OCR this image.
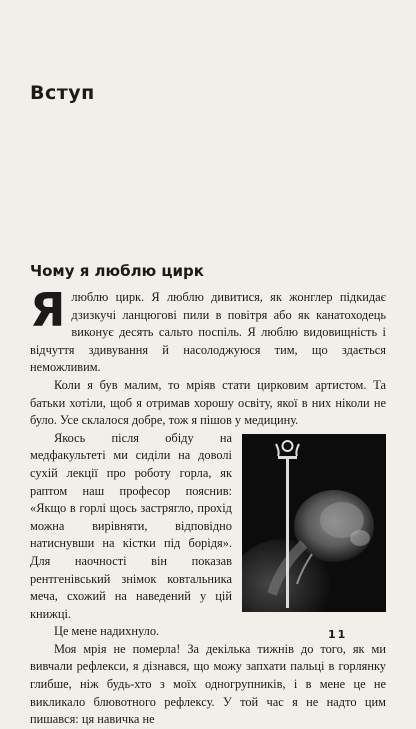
Вступ
Чому я люблю цирк

Ялюблю цирк. Я люблю дивитися, як жонглер підкидає дзизкучі ланцюгові пили в повітря або як канатоходець виконує десять сальто поспіль. Я люблю видовищність і відчуття здивування й насолоджуюся тим, що здається неможливим.

Коли я був малим, то мріяв стати цирковим артистом. Та батьки хотіли, щоб я отримав хорошу освіту, якої в них ніколи не було. Усе склалося добре, тож я пішов у медицину.

Якось після обіду на медфакультеті ми сиділи на доволі сухій лекції про роботу горла, як раптом наш професор пояснив: «Якщо в горлі щось застрягло, прохід можна вирівняти, відповідно натиснувши на кістки під борідя». Для наочності він показав рентгенівський знімок ковтальника меча, схожий на наведений у цій книжці.

Це мене надихнуло.

Моя мрія не померла! За декілька тижнів до того, як ми вивчали рефлекси, я дізнався, що можу запхати пальці в горлянку глибше, ніж будь-хто з моїх одногрупників, і в мене це не викликало блювотного рефлексу. У той час я не надто цим пишався: ця навичка не

11
